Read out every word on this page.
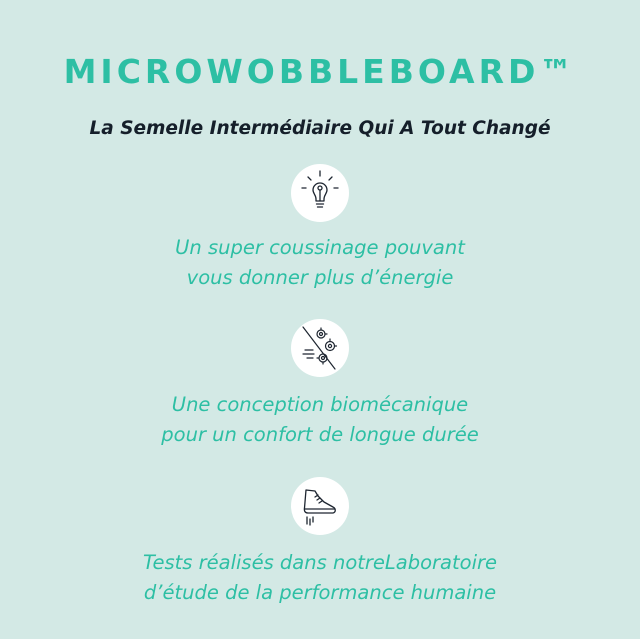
MICROWOBBLEBOARD™
La Semelle Intermédiaire Qui A Tout Changé
Un super coussinage pouvant
vous donner plus d’énergie
Une conception biomécanique
pour un confort de longue durée
Tests réalisés dans notreLaboratoire
d’étude de la performance humaine
